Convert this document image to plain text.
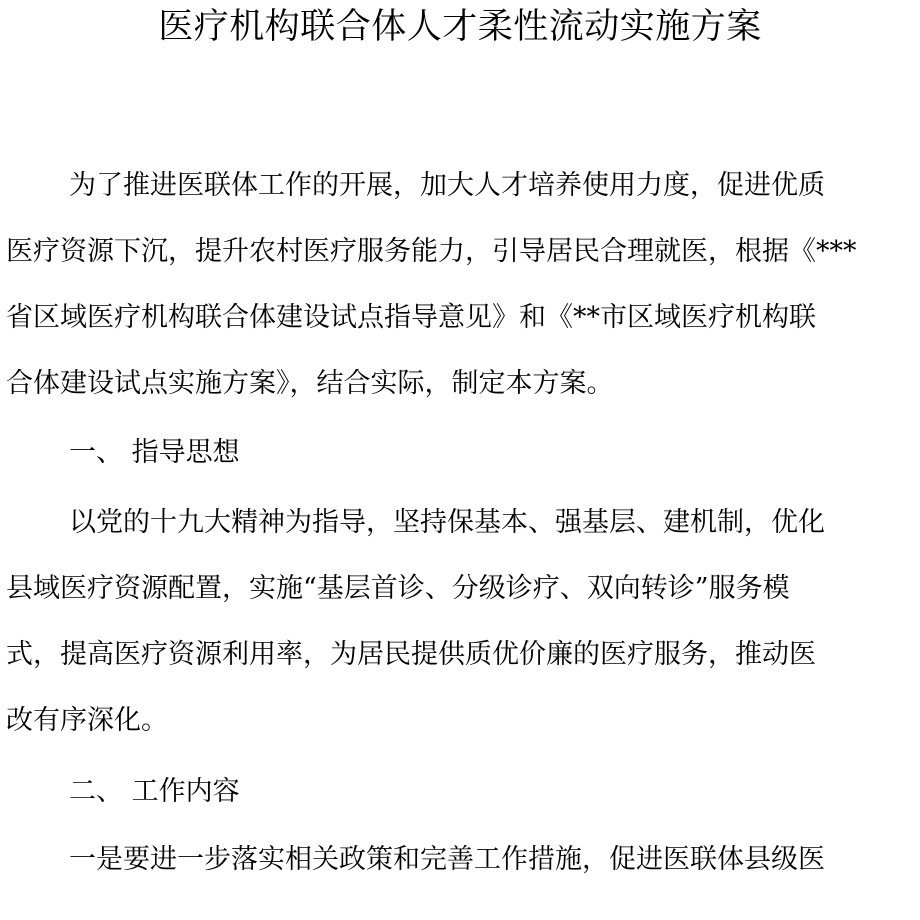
医疗机构联合体人才柔性流动实施方案
为了推进医联体工作的开展，加大人才培养使用力度，促进优质
医疗资源下沉，提升农村医疗服务能力，引导居民合理就医，根据《***
省区域医疗机构联合体建设试点指导意见》和《**市区域医疗机构联
合体建设试点实施方案》，结合实际，制定本方案。
一、 指导思想
以党的十九大精神为指导，坚持保基本、强基层、建机制，优化
县域医疗资源配置，实施“基层首诊、分级诊疗、双向转诊”服务模
式，提高医疗资源利用率，为居民提供质优价廉的医疗服务，推动医
改有序深化。
二、 工作内容
一是要进一步落实相关政策和完善工作措施，促进医联体县级医
